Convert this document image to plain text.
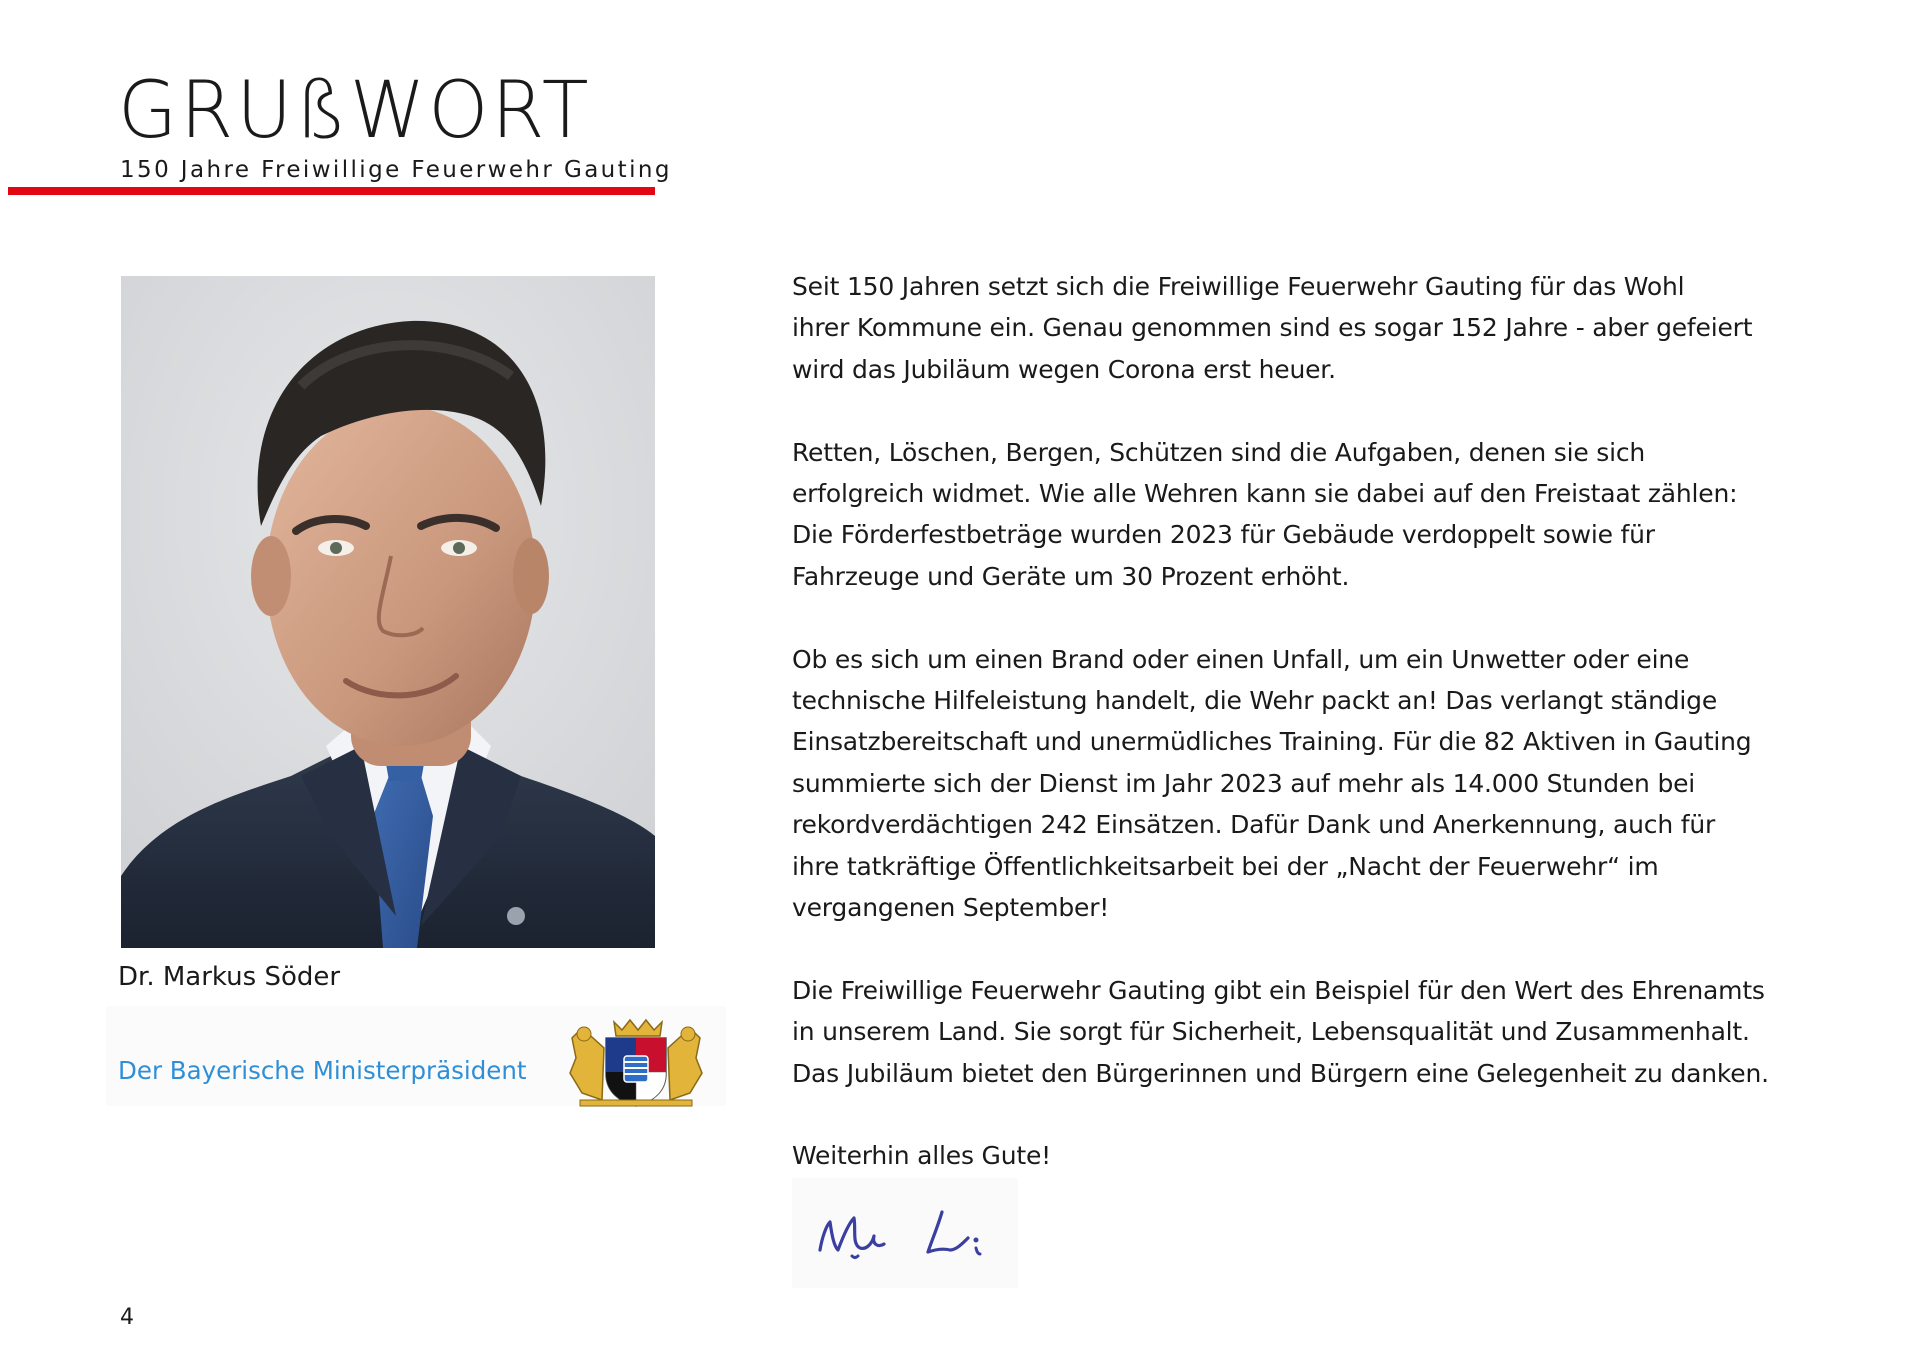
GRUßWORT
150 Jahre Freiwillige Feuerwehr Gauting
Dr. Markus Söder
Der Bayerische Ministerpräsident

Seit 150 Jahren setzt sich die Freiwillige Feuerwehr Gauting für das Wohl
ihrer Kommune ein. Genau genommen sind es sogar 152 Jahre - aber gefeiert
wird das Jubiläum wegen Corona erst heuer.

Retten, Löschen, Bergen, Schützen sind die Aufgaben, denen sie sich
erfolgreich widmet. Wie alle Wehren kann sie dabei auf den Freistaat zählen:
Die Förderfestbeträge wurden 2023 für Gebäude verdoppelt sowie für
Fahrzeuge und Geräte um 30 Prozent erhöht.

Ob es sich um einen Brand oder einen Unfall, um ein Unwetter oder eine
technische Hilfeleistung handelt, die Wehr packt an! Das verlangt ständige
Einsatzbereitschaft und unermüdliches Training. Für die 82 Aktiven in Gauting
summierte sich der Dienst im Jahr 2023 auf mehr als 14.000 Stunden bei
rekordverdächtigen 242 Einsätzen. Dafür Dank und Anerkennung, auch für
ihre tatkräftige Öffentlichkeitsarbeit bei der „Nacht der Feuerwehr“ im
vergangenen September!

Die Freiwillige Feuerwehr Gauting gibt ein Beispiel für den Wert des Ehrenamts
in unserem Land. Sie sorgt für Sicherheit, Lebensqualität und Zusammenhalt.
Das Jubiläum bietet den Bürgerinnen und Bürgern eine Gelegenheit zu danken.

Weiterhin alles Gute!

4
